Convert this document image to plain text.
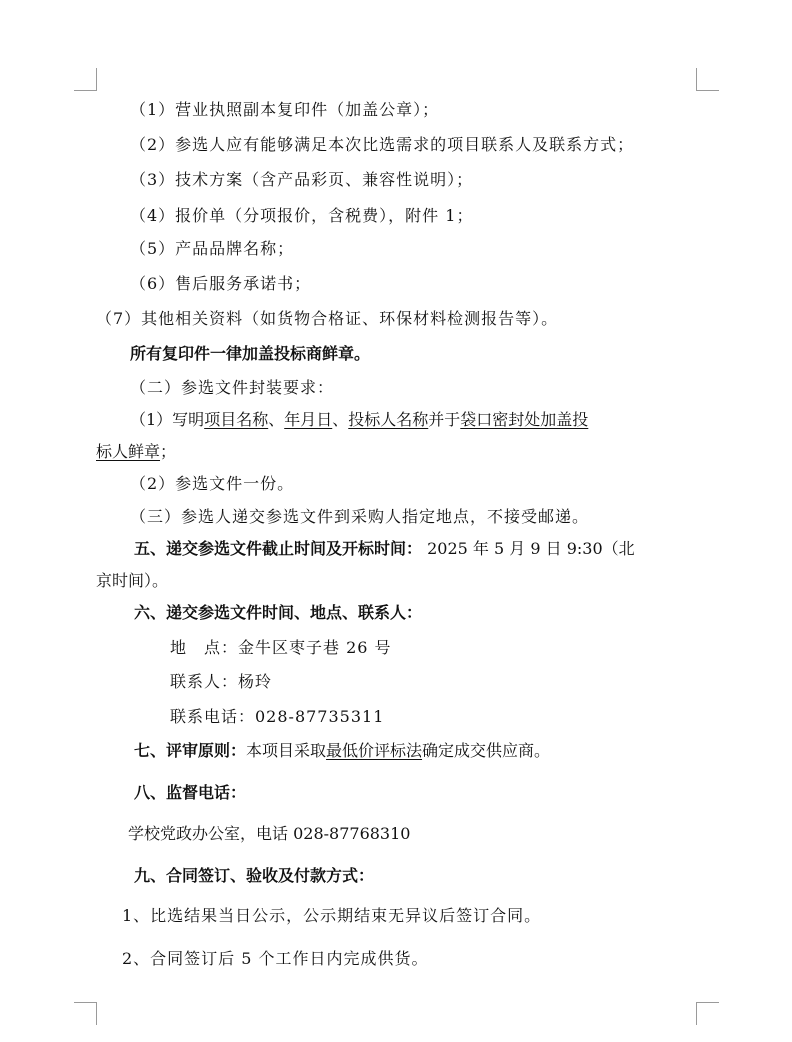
（1）营业执照副本复印件（加盖公章）；
（2）参选人应有能够满足本次比选需求的项目联系人及联系方式；
（3）技术方案（含产品彩页、兼容性说明）；
（4）报价单（分项报价，含税费），附件 1；
（5）产品品牌名称；
（6）售后服务承诺书；
（7）其他相关资料（如货物合格证、环保材料检测报告等）。
所有复印件一律加盖投标商鲜章。
（二）参选文件封装要求：
（1）写明项目名称、年月日、投标人名称并于袋口密封处加盖投
标人鲜章；
（2）参选文件一份。
（三）参选人递交参选文件到采购人指定地点，不接受邮递。
五、递交参选文件截止时间及开标时间： 2025 年 5 月 9 日 9:30（北
京时间）。
六、递交参选文件时间、地点、联系人：
地　点：金牛区枣子巷 26 号
联系人：杨玲
联系电话：028-87735311
七、评审原则：本项目采取最低价评标法确定成交供应商。
八、监督电话：
学校党政办公室，电话 028-87768310
九、合同签订、验收及付款方式：
1、比选结果当日公示，公示期结束无异议后签订合同。
2、合同签订后 5 个工作日内完成供货。
